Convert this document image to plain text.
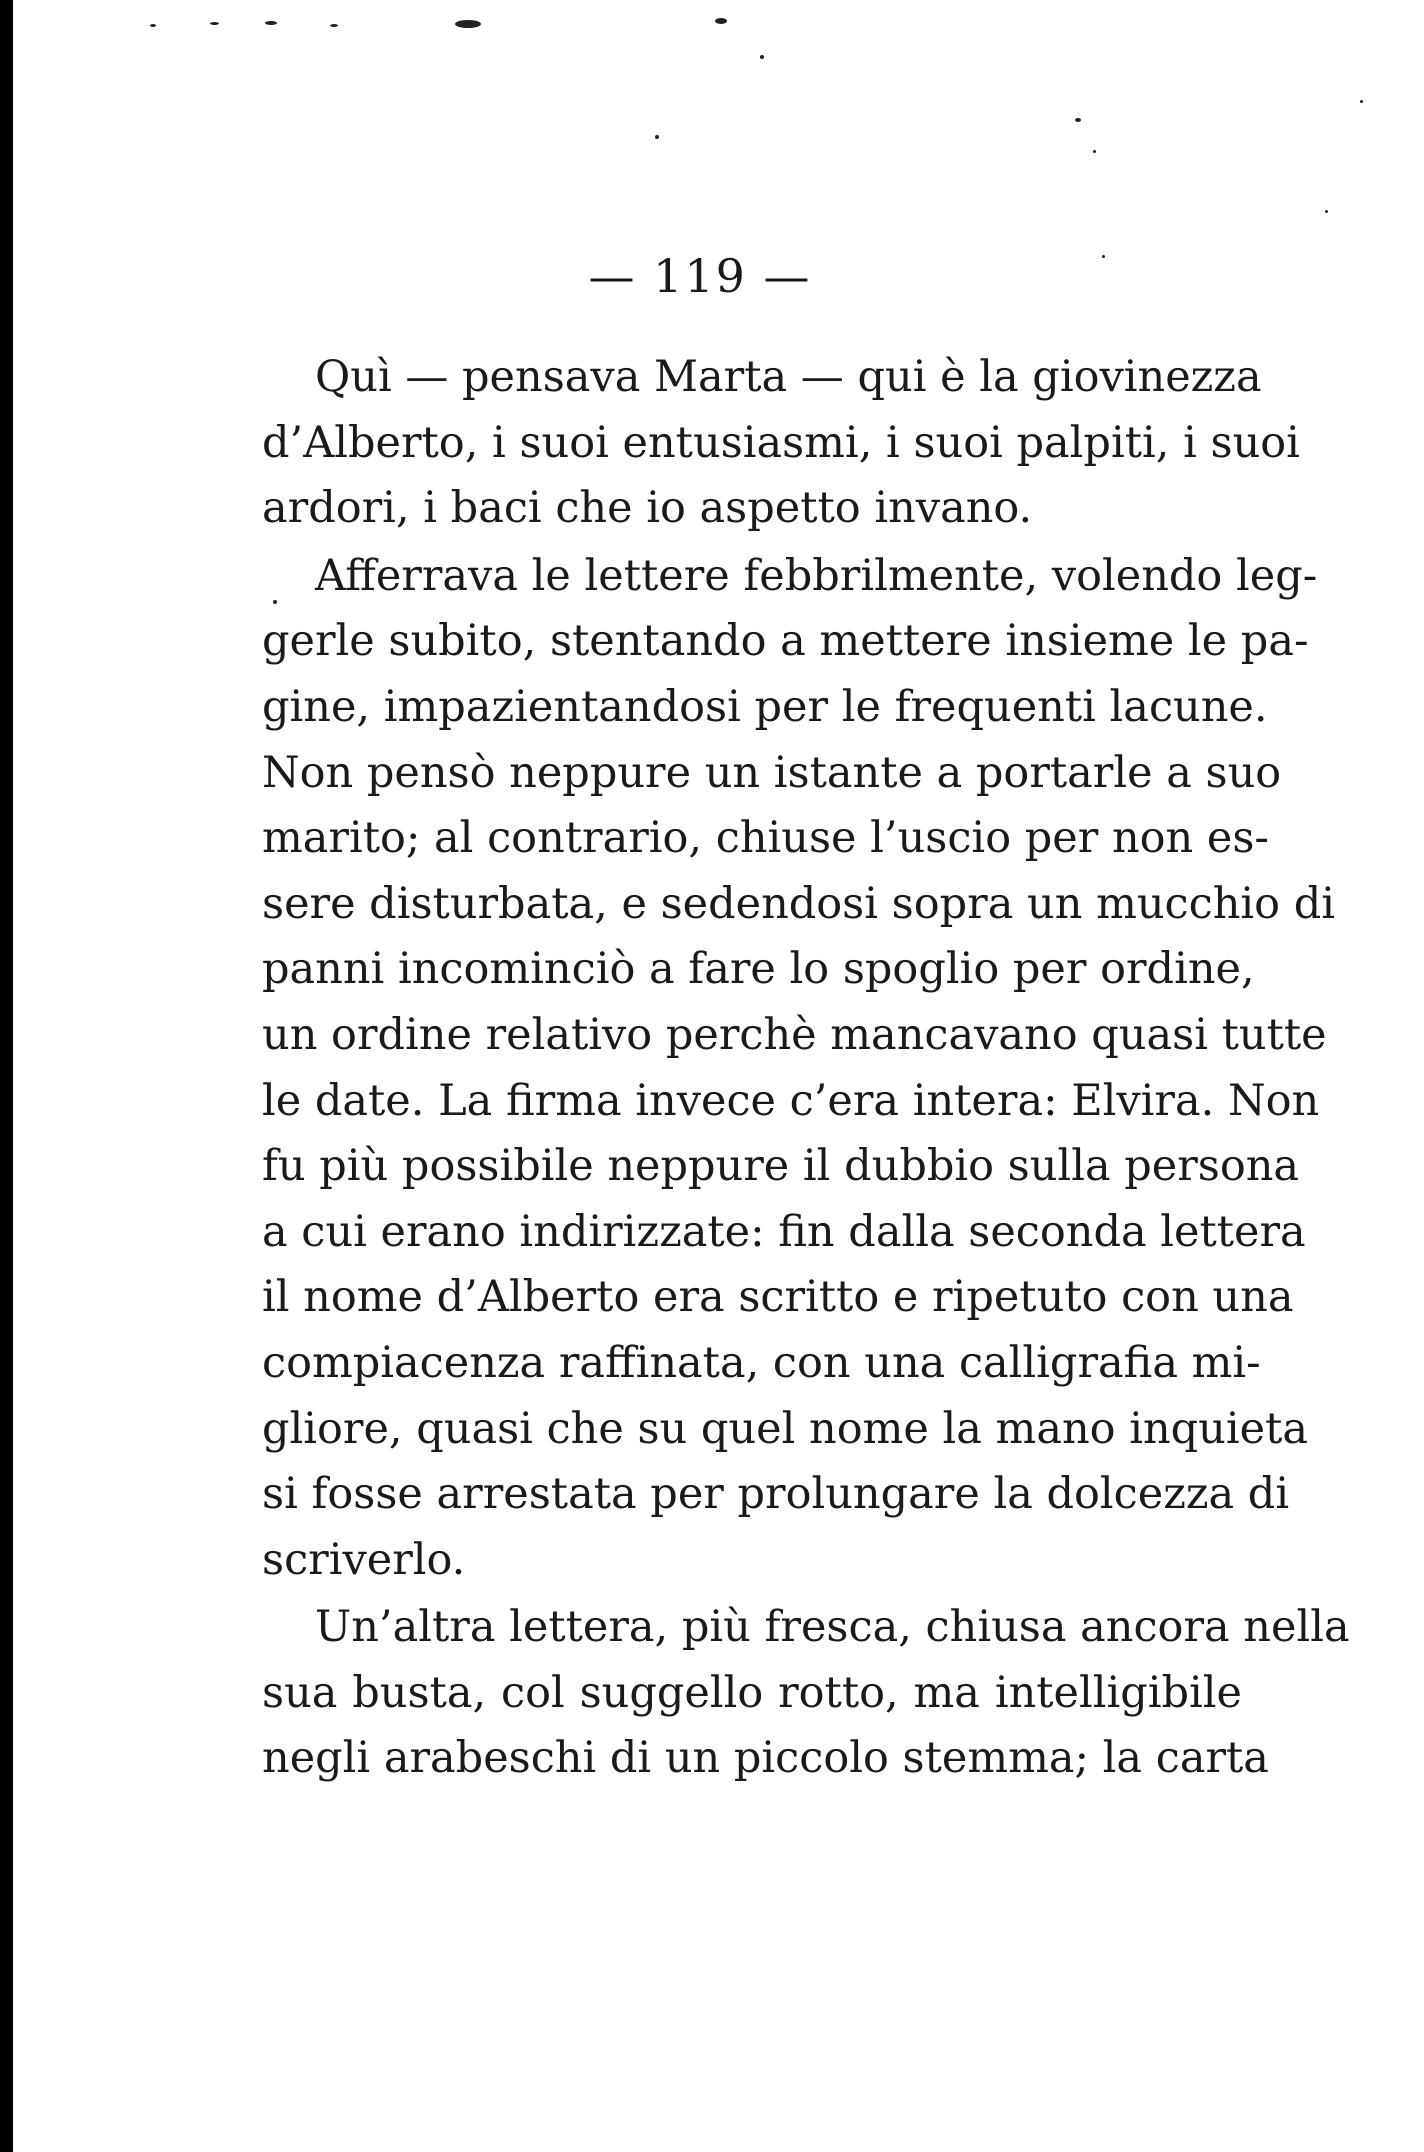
— 119 —

Quì — pensava Marta — qui è la giovinezza
d’Alberto, i suoi entusiasmi, i suoi palpiti, i suoi
ardori, i baci che io aspetto invano.

Afferrava le lettere febbrilmente, volendo leg-
gerle subito, stentando a mettere insieme le pa-
gine, impazientandosi per le frequenti lacune.
Non pensò neppure un istante a portarle a suo
marito; al contrario, chiuse l’uscio per non es-
sere disturbata, e sedendosi sopra un mucchio di
panni incominciò a fare lo spoglio per ordine,
un ordine relativo perchè mancavano quasi tutte
le date. La firma invece c’era intera: Elvira. Non
fu più possibile neppure il dubbio sulla persona
a cui erano indirizzate: fin dalla seconda lettera
il nome d’Alberto era scritto e ripetuto con una
compiacenza raffinata, con una calligrafia mi-
gliore, quasi che su quel nome la mano inquieta
si fosse arrestata per prolungare la dolcezza di
scriverlo.

Un’altra lettera, più fresca, chiusa ancora nella
sua busta, col suggello rotto, ma intelligibile
negli arabeschi di un piccolo stemma; la carta
